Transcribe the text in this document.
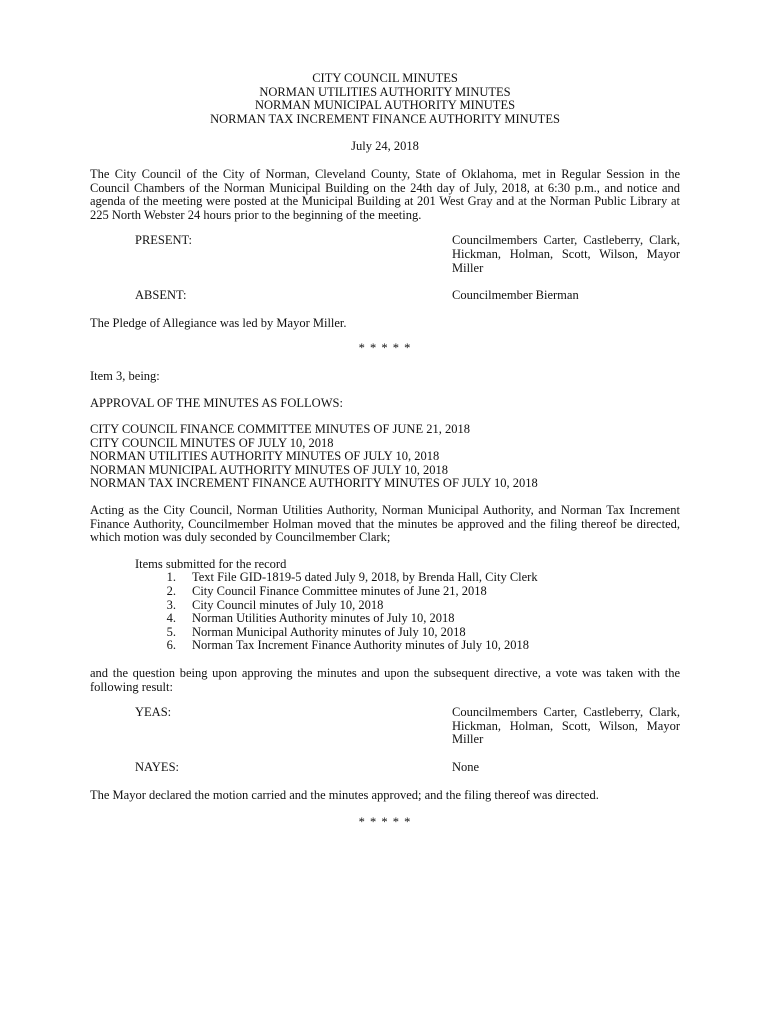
CITY COUNCIL MINUTES
NORMAN UTILITIES AUTHORITY MINUTES
NORMAN MUNICIPAL AUTHORITY MINUTES
NORMAN TAX INCREMENT FINANCE AUTHORITY MINUTES
July 24, 2018
The City Council of the City of Norman, Cleveland County, State of Oklahoma, met in Regular Session in the Council Chambers of the Norman Municipal Building on the 24th day of July, 2018, at 6:30 p.m., and notice and agenda of the meeting were posted at the Municipal Building at 201 West Gray and at the Norman Public Library at 225 North Webster 24 hours prior to the beginning of the meeting.
PRESENT:	Councilmembers Carter, Castleberry, Clark, Hickman, Holman, Scott, Wilson, Mayor Miller
ABSENT:	Councilmember Bierman
The Pledge of Allegiance was led by Mayor Miller.
* * * * *
Item 3, being:
APPROVAL OF THE MINUTES AS FOLLOWS:
CITY COUNCIL FINANCE COMMITTEE MINUTES OF JUNE 21, 2018
CITY COUNCIL MINUTES OF JULY 10, 2018
NORMAN UTILITIES AUTHORITY MINUTES OF JULY 10, 2018
NORMAN MUNICIPAL AUTHORITY MINUTES OF JULY 10, 2018
NORMAN TAX INCREMENT FINANCE AUTHORITY MINUTES OF JULY 10, 2018
Acting as the City Council, Norman Utilities Authority, Norman Municipal Authority, and Norman Tax Increment Finance Authority, Councilmember Holman moved that the minutes be approved and the filing thereof be directed, which motion was duly seconded by Councilmember Clark;
Items submitted for the record
1.	Text File GID-1819-5 dated July 9, 2018, by Brenda Hall, City Clerk
2.	City Council Finance Committee minutes of June 21, 2018
3.	City Council minutes of July 10, 2018
4.	Norman Utilities Authority minutes of July 10, 2018
5.	Norman Municipal Authority minutes of July 10, 2018
6.	Norman Tax Increment Finance Authority minutes of July 10, 2018
and the question being upon approving the minutes and upon the subsequent directive, a vote was taken with the following result:
YEAS:	Councilmembers Carter, Castleberry, Clark, Hickman, Holman, Scott, Wilson, Mayor Miller
NAYES:	None
The Mayor declared the motion carried and the minutes approved; and the filing thereof was directed.
* * * * *
